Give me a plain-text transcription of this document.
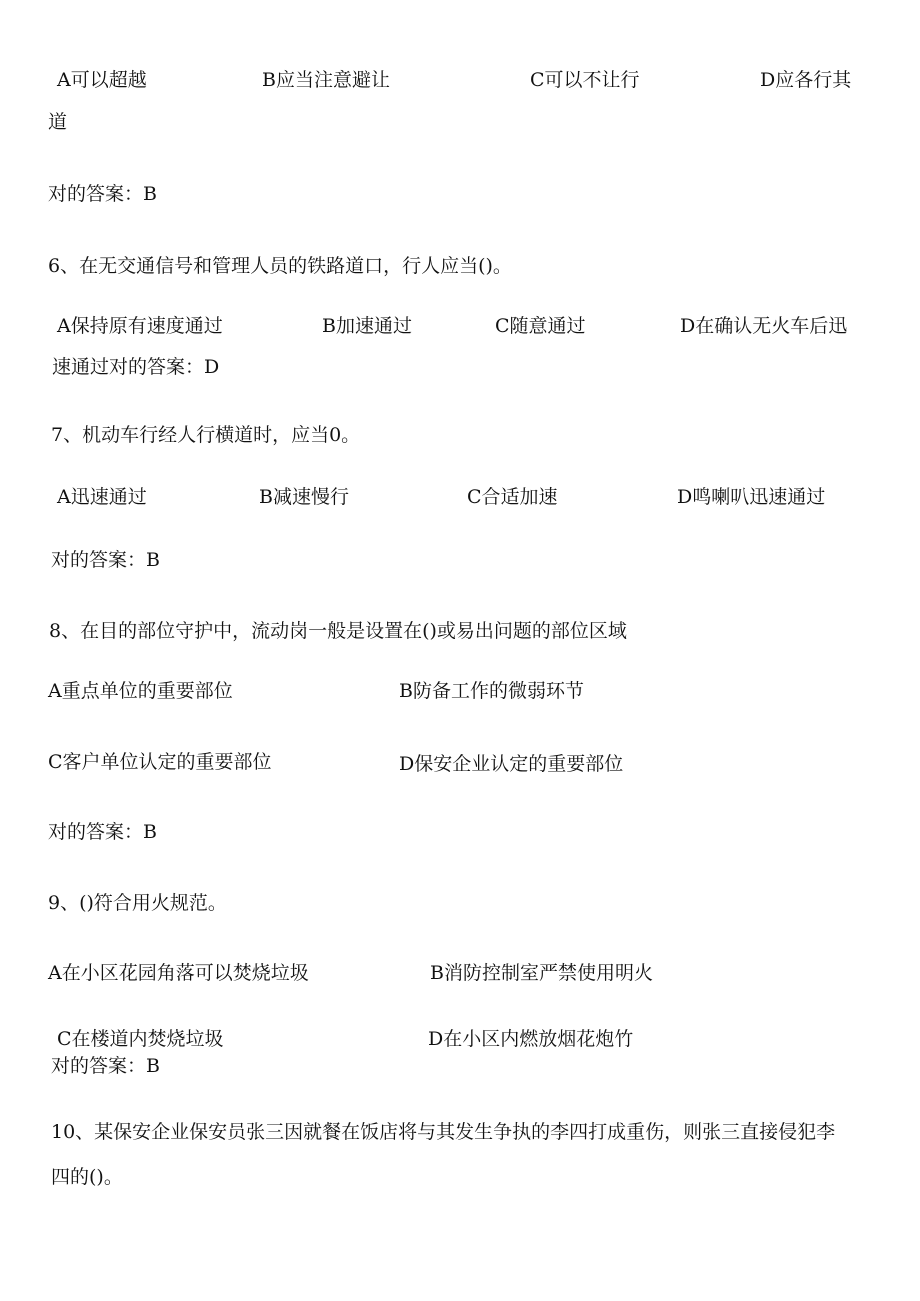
A可以超越	B应当注意避让	C可以不让行	D应各行其

道

对的答案：B

6、在无交通信号和管理人员的铁路道口，行人应当()。

A保持原有速度通过	B加速通过	C随意通过	D在确认无火车后迅

速通过对的答案：D

7、机动车行经人行横道时，应当0。

A迅速通过	B减速慢行	C合适加速	D鸣喇叭迅速通过

对的答案：B

8、在目的部位守护中，流动岗一般是设置在()或易出问题的部位区域

A重点单位的重要部位	B防备工作的微弱环节

C客户单位认定的重要部位	D保安企业认定的重要部位

对的答案：B

9、()符合用火规范。

A在小区花园角落可以焚烧垃圾	B消防控制室严禁使用明火

C在楼道内焚烧垃圾	D在小区内燃放烟花炮竹

对的答案：B

10、某保安企业保安员张三因就餐在饭店将与其发生争执的李四打成重伤，则张三直接侵犯李

四的()。
